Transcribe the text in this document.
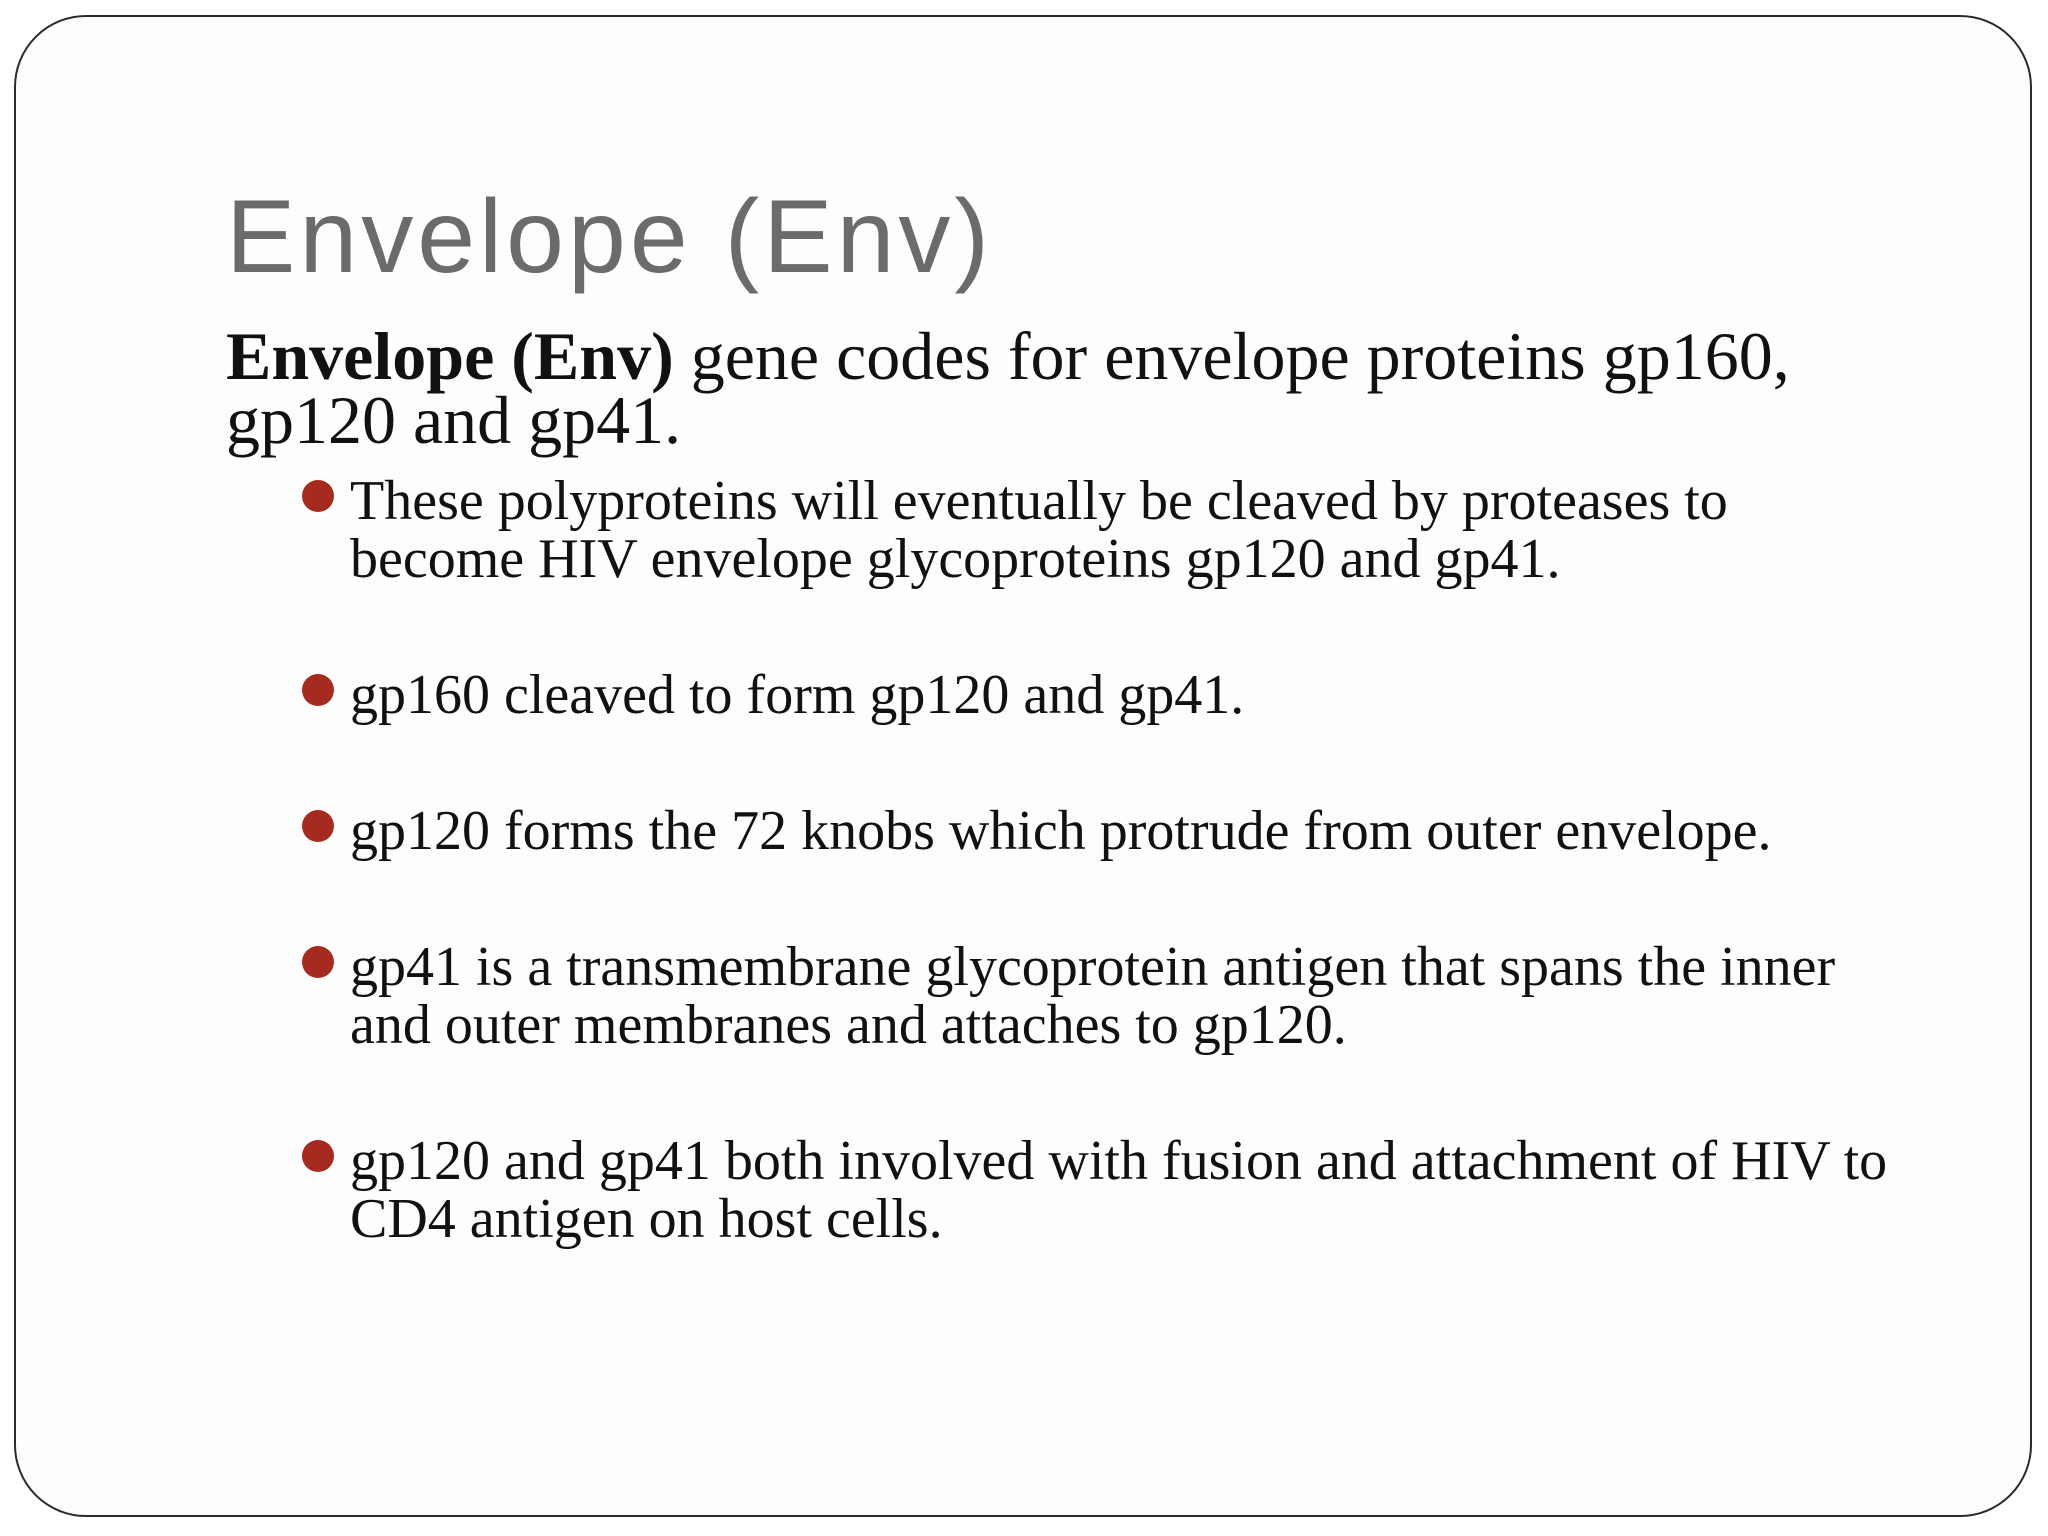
Envelope (Env)

Envelope (Env) gene codes for envelope proteins gp160, gp120 and gp41.

These polyproteins will eventually be cleaved by proteases to become HIV envelope glycoproteins gp120 and gp41.
gp160 cleaved to form gp120 and gp41.
gp120 forms the 72 knobs which protrude from outer envelope.
gp41 is a transmembrane glycoprotein antigen that spans the inner and outer membranes and attaches to gp120.
gp120 and gp41 both involved with fusion and attachment of HIV to CD4 antigen on host cells.
